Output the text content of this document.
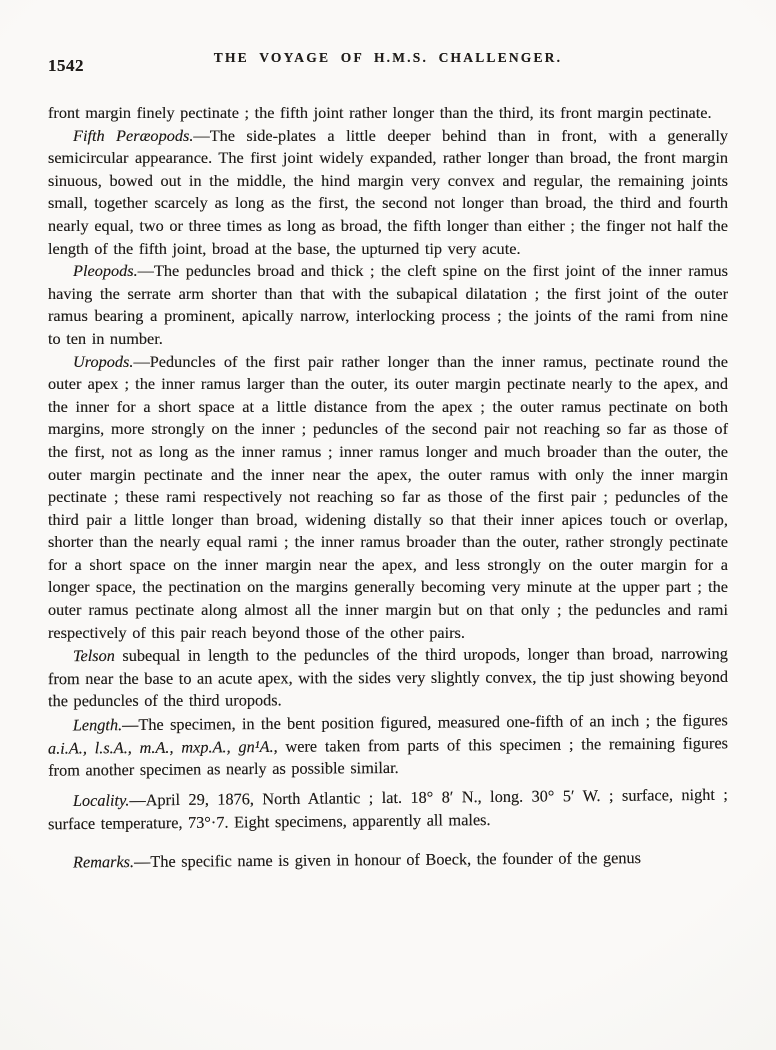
1542	THE VOYAGE OF H.M.S. CHALLENGER.

front margin finely pectinate ; the fifth joint rather longer than the third, its front margin pectinate.

Fifth Peræopods.—The side-plates a little deeper behind than in front, with a generally semicircular appearance. The first joint widely expanded, rather longer than broad, the front margin sinuous, bowed out in the middle, the hind margin very convex and regular, the remaining joints small, together scarcely as long as the first, the second not longer than broad, the third and fourth nearly equal, two or three times as long as broad, the fifth longer than either ; the finger not half the length of the fifth joint, broad at the base, the upturned tip very acute.

Pleopods.—The peduncles broad and thick ; the cleft spine on the first joint of the inner ramus having the serrate arm shorter than that with the subapical dilatation ; the first joint of the outer ramus bearing a prominent, apically narrow, interlocking process ; the joints of the rami from nine to ten in number.

Uropods.—Peduncles of the first pair rather longer than the inner ramus, pectinate round the outer apex ; the inner ramus larger than the outer, its outer margin pectinate nearly to the apex, and the inner for a short space at a little distance from the apex ; the outer ramus pectinate on both margins, more strongly on the inner ; peduncles of the second pair not reaching so far as those of the first, not as long as the inner ramus ; inner ramus longer and much broader than the outer, the outer margin pectinate and the inner near the apex, the outer ramus with only the inner margin pectinate ; these rami respectively not reaching so far as those of the first pair ; peduncles of the third pair a little longer than broad, widening distally so that their inner apices touch or overlap, shorter than the nearly equal rami ; the inner ramus broader than the outer, rather strongly pectinate for a short space on the inner margin near the apex, and less strongly on the outer margin for a longer space, the pectination on the margins generally becoming very minute at the upper part ; the outer ramus pectinate along almost all the inner margin but on that only ; the peduncles and rami respectively of this pair reach beyond those of the other pairs.

Telson subequal in length to the peduncles of the third uropods, longer than broad, narrowing from near the base to an acute apex, with the sides very slightly convex, the tip just showing beyond the peduncles of the third uropods.

Length.—The specimen, in the bent position figured, measured one-fifth of an inch ; the figures a.i.A., l.s.A., m.A., mxp.A., gn¹A., were taken from parts of this specimen ; the remaining figures from another specimen as nearly as possible similar.

Locality.—April 29, 1876, North Atlantic ; lat. 18° 8′ N., long. 30° 5′ W. ; surface, night ; surface temperature, 73°·7. Eight specimens, apparently all males.

Remarks.—The specific name is given in honour of Boeck, the founder of the genus
